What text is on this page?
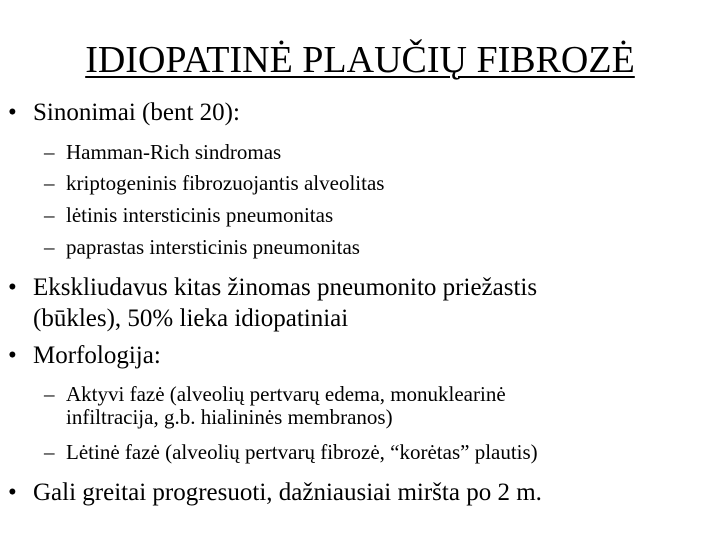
IDIOPATINĖ PLAUČIŲ FIBROZĖ
• Sinonimai (bent 20):
– Hamman-Rich sindromas
– kriptogeninis fibrozuojantis alveolitas
– lėtinis intersticinis pneumonitas
– paprastas intersticinis pneumonitas
• Ekskliudavus kitas žinomas pneumonito priežastis
(būkles), 50% lieka idiopatiniai
• Morfologija:
– Aktyvi fazė (alveolių pertvarų edema, monuklearinė
infiltracija, g.b. hialininės membranos)
– Lėtinė fazė (alveolių pertvarų fibrozė, “korėtas” plautis)
• Gali greitai progresuoti, dažniausiai miršta po 2 m.
